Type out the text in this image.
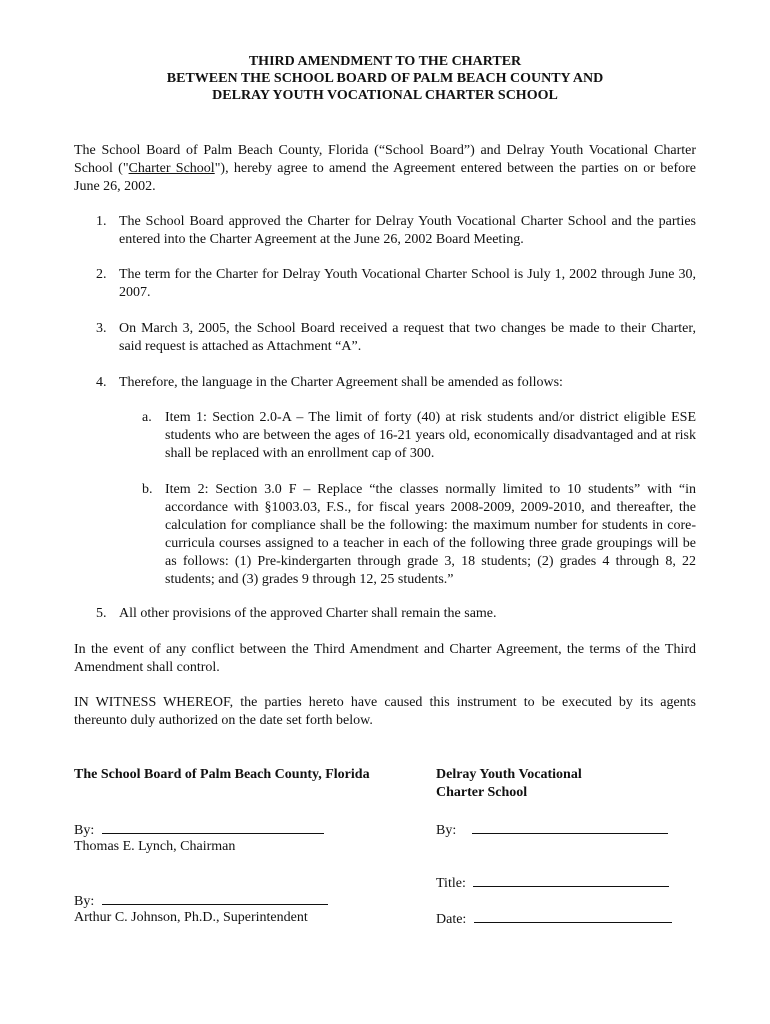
THIRD AMENDMENT TO THE CHARTER
BETWEEN THE SCHOOL BOARD OF PALM BEACH COUNTY AND
DELRAY YOUTH VOCATIONAL CHARTER SCHOOL
The School Board of Palm Beach County, Florida (“School Board”) and Delray Youth Vocational Charter School ("Charter School"), hereby agree to amend the Agreement entered between the parties on or before June 26, 2002.
1. The School Board approved the Charter for Delray Youth Vocational Charter School and the parties entered into the Charter Agreement at the June 26, 2002 Board Meeting.
2. The term for the Charter for Delray Youth Vocational Charter School is July 1, 2002 through June 30, 2007.
3. On March 3, 2005, the School Board received a request that two changes be made to their Charter, said request is attached as Attachment “A”.
4. Therefore, the language in the Charter Agreement shall be amended as follows:
a. Item 1: Section 2.0-A – The limit of forty (40) at risk students and/or district eligible ESE students who are between the ages of 16-21 years old, economically disadvantaged and at risk shall be replaced with an enrollment cap of 300.
b. Item 2: Section 3.0 F – Replace “the classes normally limited to 10 students” with “in accordance with §1003.03, F.S., for fiscal years 2008-2009, 2009-2010, and thereafter, the calculation for compliance shall be the following: the maximum number for students in core-curricula courses assigned to a teacher in each of the following three grade groupings will be as follows: (1) Pre-kindergarten through grade 3, 18 students; (2) grades 4 through 8, 22 students; and (3) grades 9 through 12, 25 students.”
5. All other provisions of the approved Charter shall remain the same.
In the event of any conflict between the Third Amendment and Charter Agreement, the terms of the Third Amendment shall control.
IN WITNESS WHEREOF, the parties hereto have caused this instrument to be executed by its agents thereunto duly authorized on the date set forth below.
The School Board of Palm Beach County, Florida	Delray Youth Vocational
Charter School
By:
Thomas E. Lynch, Chairman
By:
Title:
By:
Arthur C. Johnson, Ph.D., Superintendent	Date:
